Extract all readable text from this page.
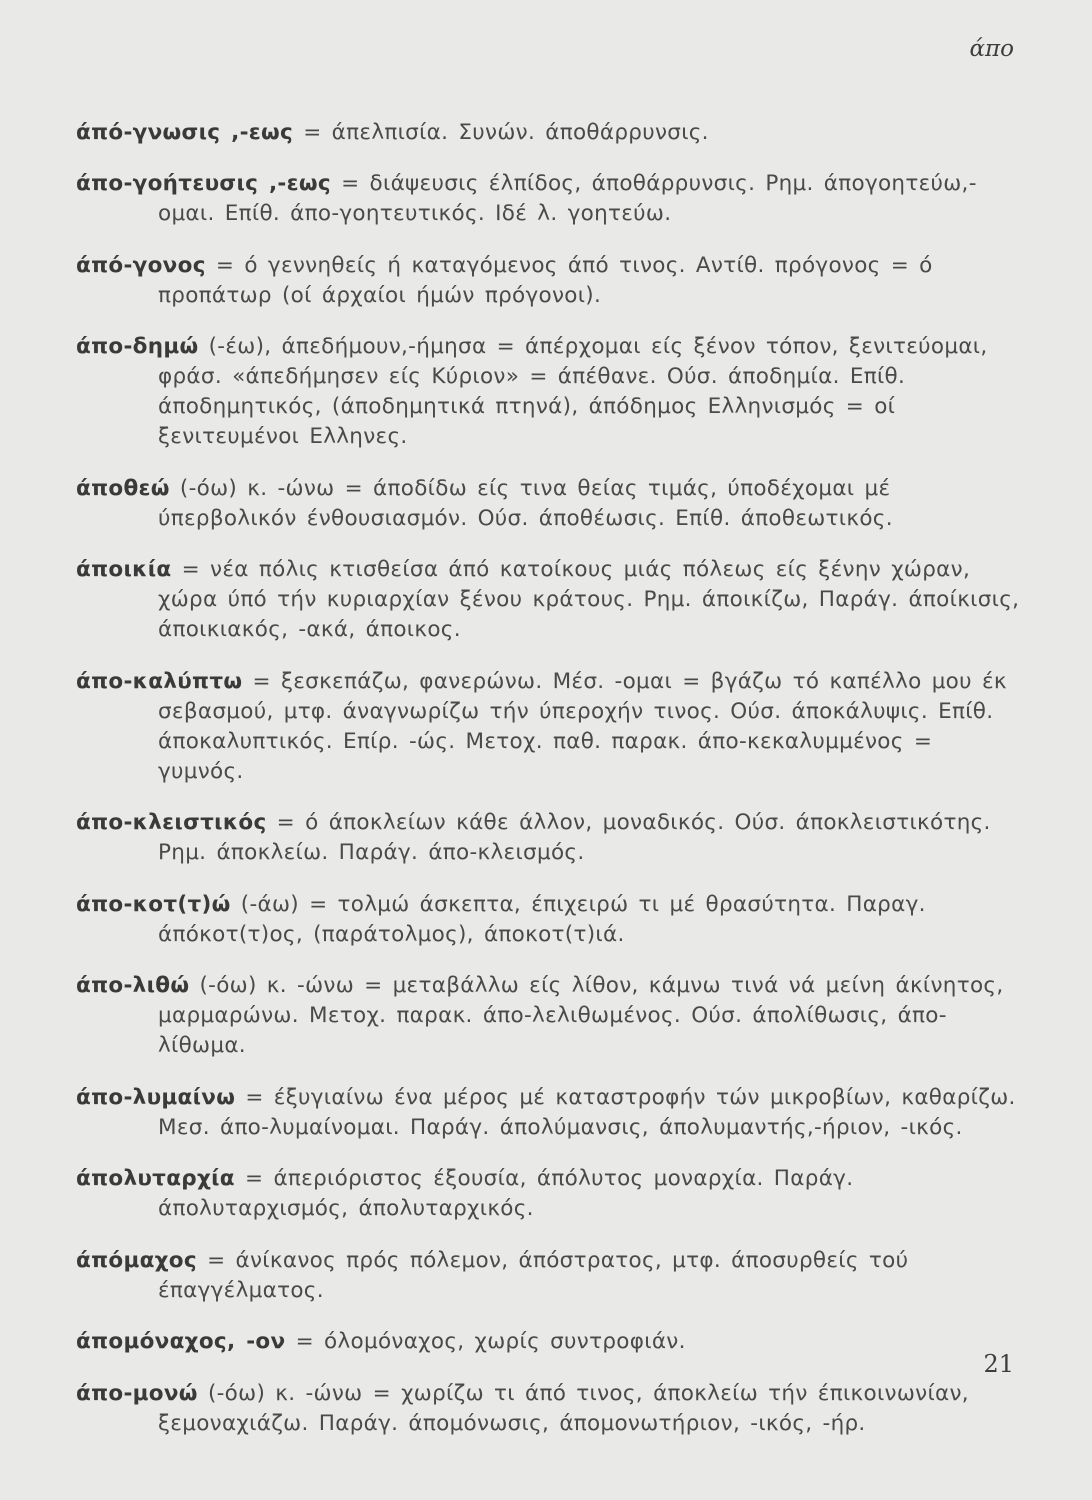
άπο

άπό-γνωσις ,-εως = άπελπισία. Συνών. άποθάρρυνσις.

άπο-γοήτευσις ,-εως = διάψευσις έλπίδος, άποθάρρυνσις. Ρημ. άπογοητεύω,-ομαι. Επίθ. άπο-γοητευτικός. Ιδέ λ. γοητεύω.

άπό-γονος = ό γεννηθείς ή καταγόμενος άπό τινος. Αντίθ. πρόγονος = ό προπάτωρ (οί άρχαίοι ήμών πρόγονοι).

άπο-δημώ (-έω), άπεδήμουν,-ήμησα = άπέρχομαι είς ξένον τόπον, ξενιτεύομαι, φράσ. «άπεδήμησεν είς Κύριον» = άπέθανε. Ούσ. άποδημία. Επίθ. άποδημητικός, (άποδημητικά πτηνά), άπόδημος Ελληνισμός = οί ξενιτευμένοι Ελληνες.

άποθεώ (-όω) κ. -ώνω = άποδίδω είς τινα θείας τιμάς, ύποδέχομαι μέ ύπερβολικόν ένθουσιασμόν. Ούσ. άποθέωσις. Επίθ. άποθεωτικός.

άποικία = νέα πόλις κτισθείσα άπό κατοίκους μιάς πόλεως είς ξένην χώραν, χώρα ύπό τήν κυριαρχίαν ξένου κράτους. Ρημ. άποικίζω, Παράγ. άποίκισις, άποικιακός, -ακά, άποικος.

άπο-καλύπτω = ξεσκεπάζω, φανερώνω. Μέσ. -ομαι = βγάζω τό καπέλλο μου έκ σεβασμού, μτφ. άναγνωρίζω τήν ύπεροχήν τινος. Ούσ. άποκάλυψις. Επίθ. άποκαλυπτικός. Επίρ. -ώς. Μετοχ. παθ. παρακ. άπο-κεκαλυμμένος = γυμνός.

άπο-κλειστικός = ό άποκλείων κάθε άλλον, μοναδικός. Ούσ. άποκλειστικότης. Ρημ. άποκλείω. Παράγ. άπο-κλεισμός.

άπο-κοτ(τ)ώ (-άω) = τολμώ άσκεπτα, έπιχειρώ τι μέ θρασύτητα. Παραγ. άπόκοτ(τ)ος, (παράτολμος), άποκοτ(τ)ιά.

άπο-λιθώ (-όω) κ. -ώνω = μεταβάλλω είς λίθον, κάμνω τινά νά μείνη άκίνητος, μαρμαρώνω. Μετοχ. παρακ. άπο-λελιθωμένος. Ούσ. άπολίθωσις, άπο-λίθωμα.

άπο-λυμαίνω = έξυγιαίνω ένα μέρος μέ καταστροφήν τών μικροβίων, καθαρίζω. Μεσ. άπο-λυμαίνομαι. Παράγ. άπολύμανσις, άπολυμαντής,-ήριον, -ικός.

άπολυταρχία = άπεριόριστος έξουσία, άπόλυτος μοναρχία. Παράγ. άπολυταρχισμός, άπολυταρχικός.

άπόμαχος = άνίκανος πρός πόλεμον, άπόστρατος, μτφ. άποσυρθείς τού έπαγγέλματος.

άπομόναχος, -ον = όλομόναχος, χωρίς συντροφιάν.

άπο-μονώ (-όω) κ. -ώνω = χωρίζω τι άπό τινος, άποκλείω τήν έπικοινωνίαν, ξεμοναχιάζω. Παράγ. άπομόνωσις, άπομονωτήριον, -ικός, -ήρ.

21
